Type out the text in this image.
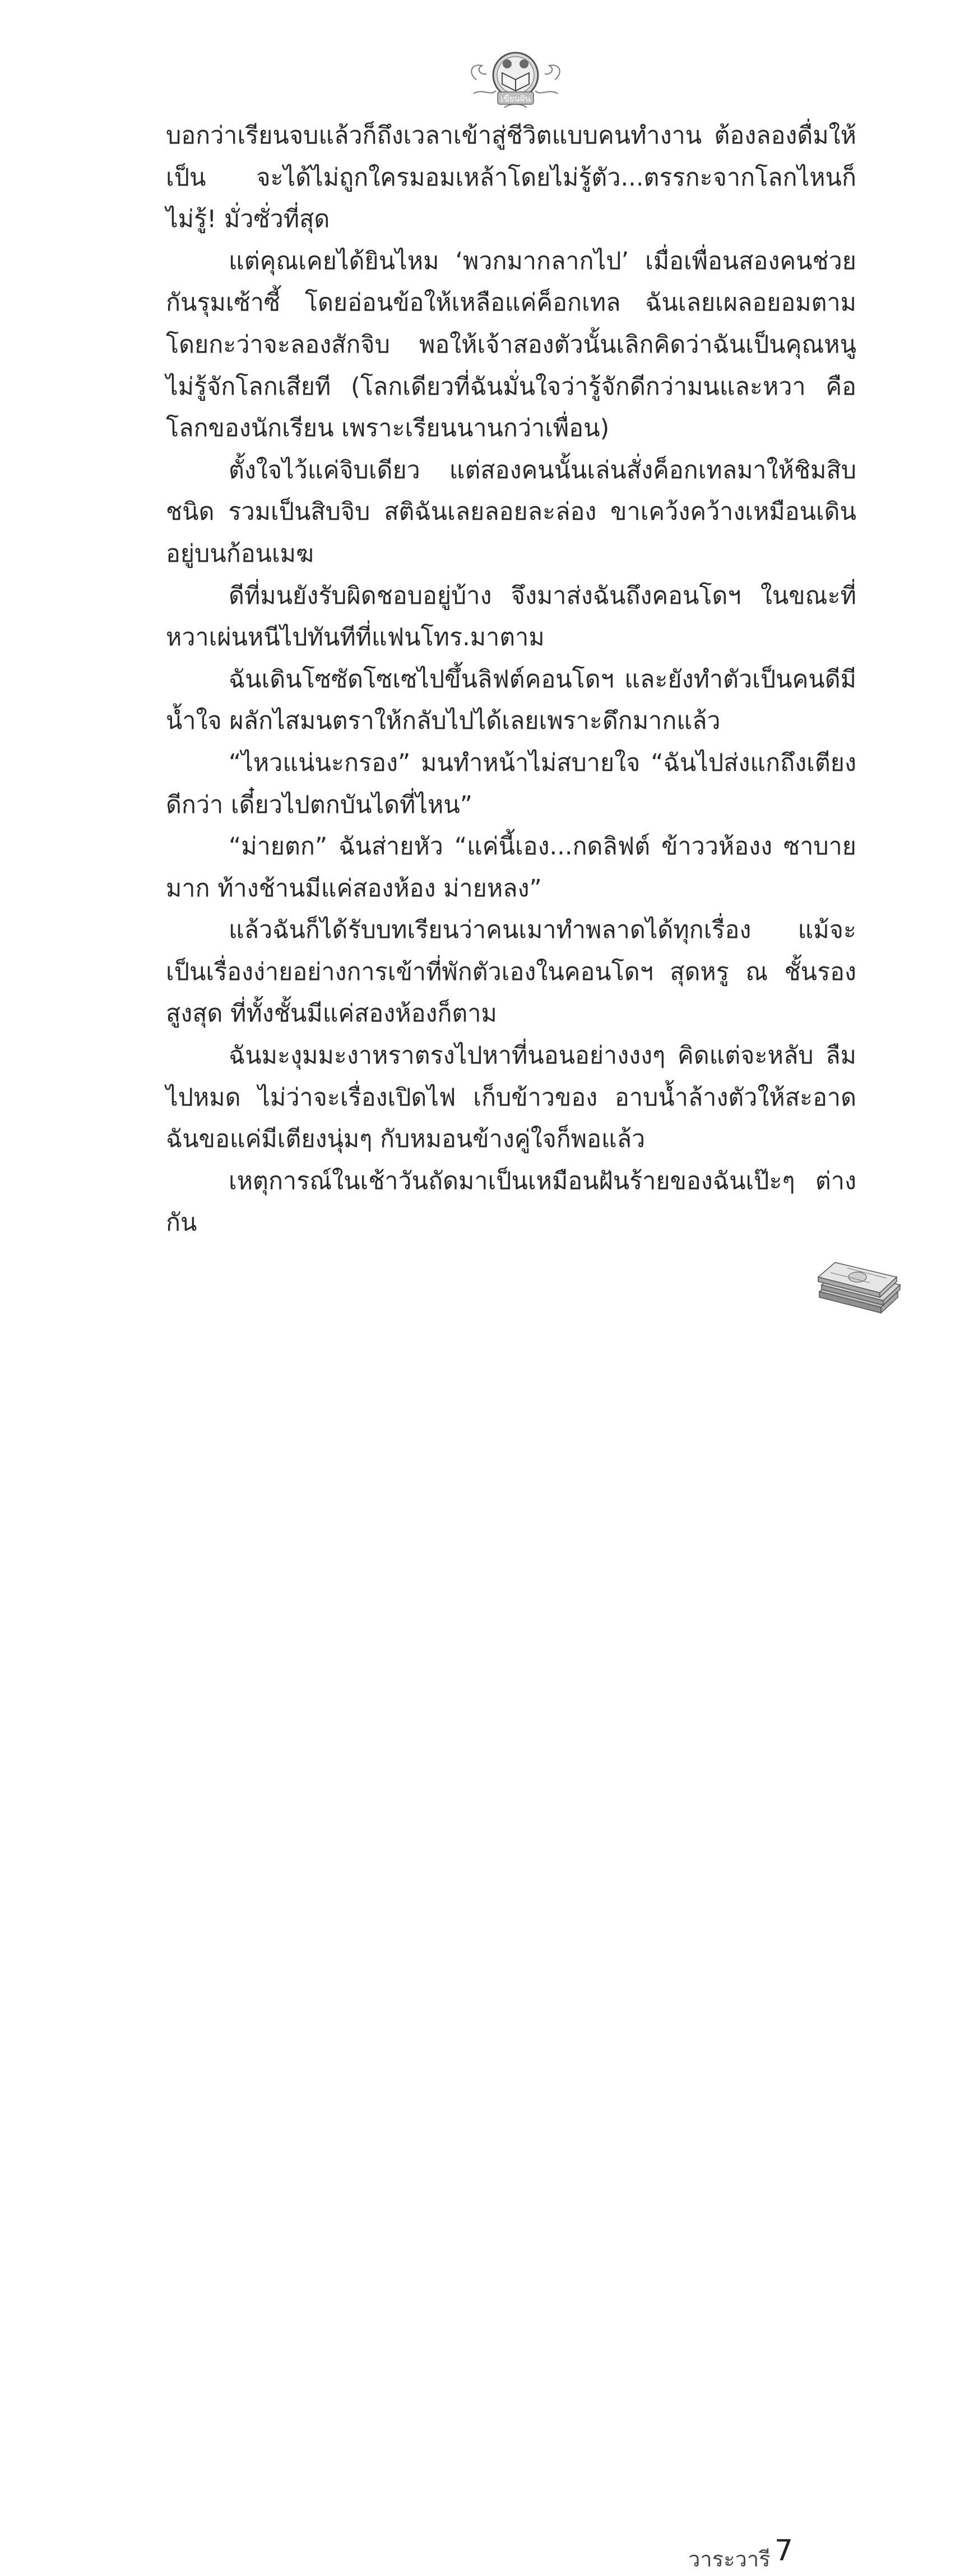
เขียนฝัน

บอกว่าเรียนจบแล้วก็ถึงเวลาเข้าสู่ชีวิตแบบคนทำงาน ต้องลองดื่มให้เป็น จะได้ไม่ถูกใครมอมเหล้าโดยไม่รู้ตัว...ตรรกะจากโลกไหนก็ไม่รู้! มั่วซั่วที่สุด

แต่คุณเคยได้ยินไหม ‘พวกมากลากไป’ เมื่อเพื่อนสองคนช่วยกันรุมเซ้าซี้ โดยอ่อนข้อให้เหลือแค่ค็อกเทล ฉันเลยเผลอยอมตาม โดยกะว่าจะลองสักจิบ พอให้เจ้าสองตัวนั้นเลิกคิดว่าฉันเป็นคุณหนูไม่รู้จักโลกเสียที (โลกเดียวที่ฉันมั่นใจว่ารู้จักดีกว่ามนและหวา คือโลกของนักเรียน เพราะเรียนนานกว่าเพื่อน)

ตั้งใจไว้แค่จิบเดียว แต่สองคนนั้นเล่นสั่งค็อกเทลมาให้ชิมสิบชนิด รวมเป็นสิบจิบ สติฉันเลยลอยละล่อง ขาเคว้งคว้างเหมือนเดินอยู่บนก้อนเมฆ

ดีที่มนยังรับผิดชอบอยู่บ้าง จึงมาส่งฉันถึงคอนโดฯ ในขณะที่หวาเผ่นหนีไปทันทีที่แฟนโทร.มาตาม

ฉันเดินโซซัดโซเซไปขึ้นลิฟต์คอนโดฯ และยังทำตัวเป็นคนดีมีน้ำใจ ผลักไสมนตราให้กลับไปได้เลยเพราะดึกมากแล้ว

“ไหวแน่นะกรอง” มนทำหน้าไม่สบายใจ “ฉันไปส่งแกถึงเตียงดีกว่า เดี๋ยวไปตกบันไดที่ไหน”

“ม่ายตก” ฉันส่ายหัว “แค่นี้เอง...กดลิฟต์ ข้าววห้องง ซาบายมาก ท้างช้านมีแค่สองห้อง ม่ายหลง”

แล้วฉันก็ได้รับบทเรียนว่าคนเมาทำพลาดได้ทุกเรื่อง แม้จะเป็นเรื่องง่ายอย่างการเข้าที่พักตัวเองในคอนโดฯ สุดหรู ณ ชั้นรองสูงสุด ที่ทั้งชั้นมีแค่สองห้องก็ตาม

ฉันมะงุมมะงาหราตรงไปหาที่นอนอย่างงงๆ คิดแต่จะหลับ ลืมไปหมด ไม่ว่าจะเรื่องเปิดไฟ เก็บข้าวของ อาบน้ำล้างตัวให้สะอาด ฉันขอแค่มีเตียงนุ่มๆ กับหมอนข้างคู่ใจก็พอแล้ว

เหตุการณ์ในเช้าวันถัดมาเป็นเหมือนฝันร้ายของฉันเป๊ะๆ ต่างกัน

วาระวารี 7
